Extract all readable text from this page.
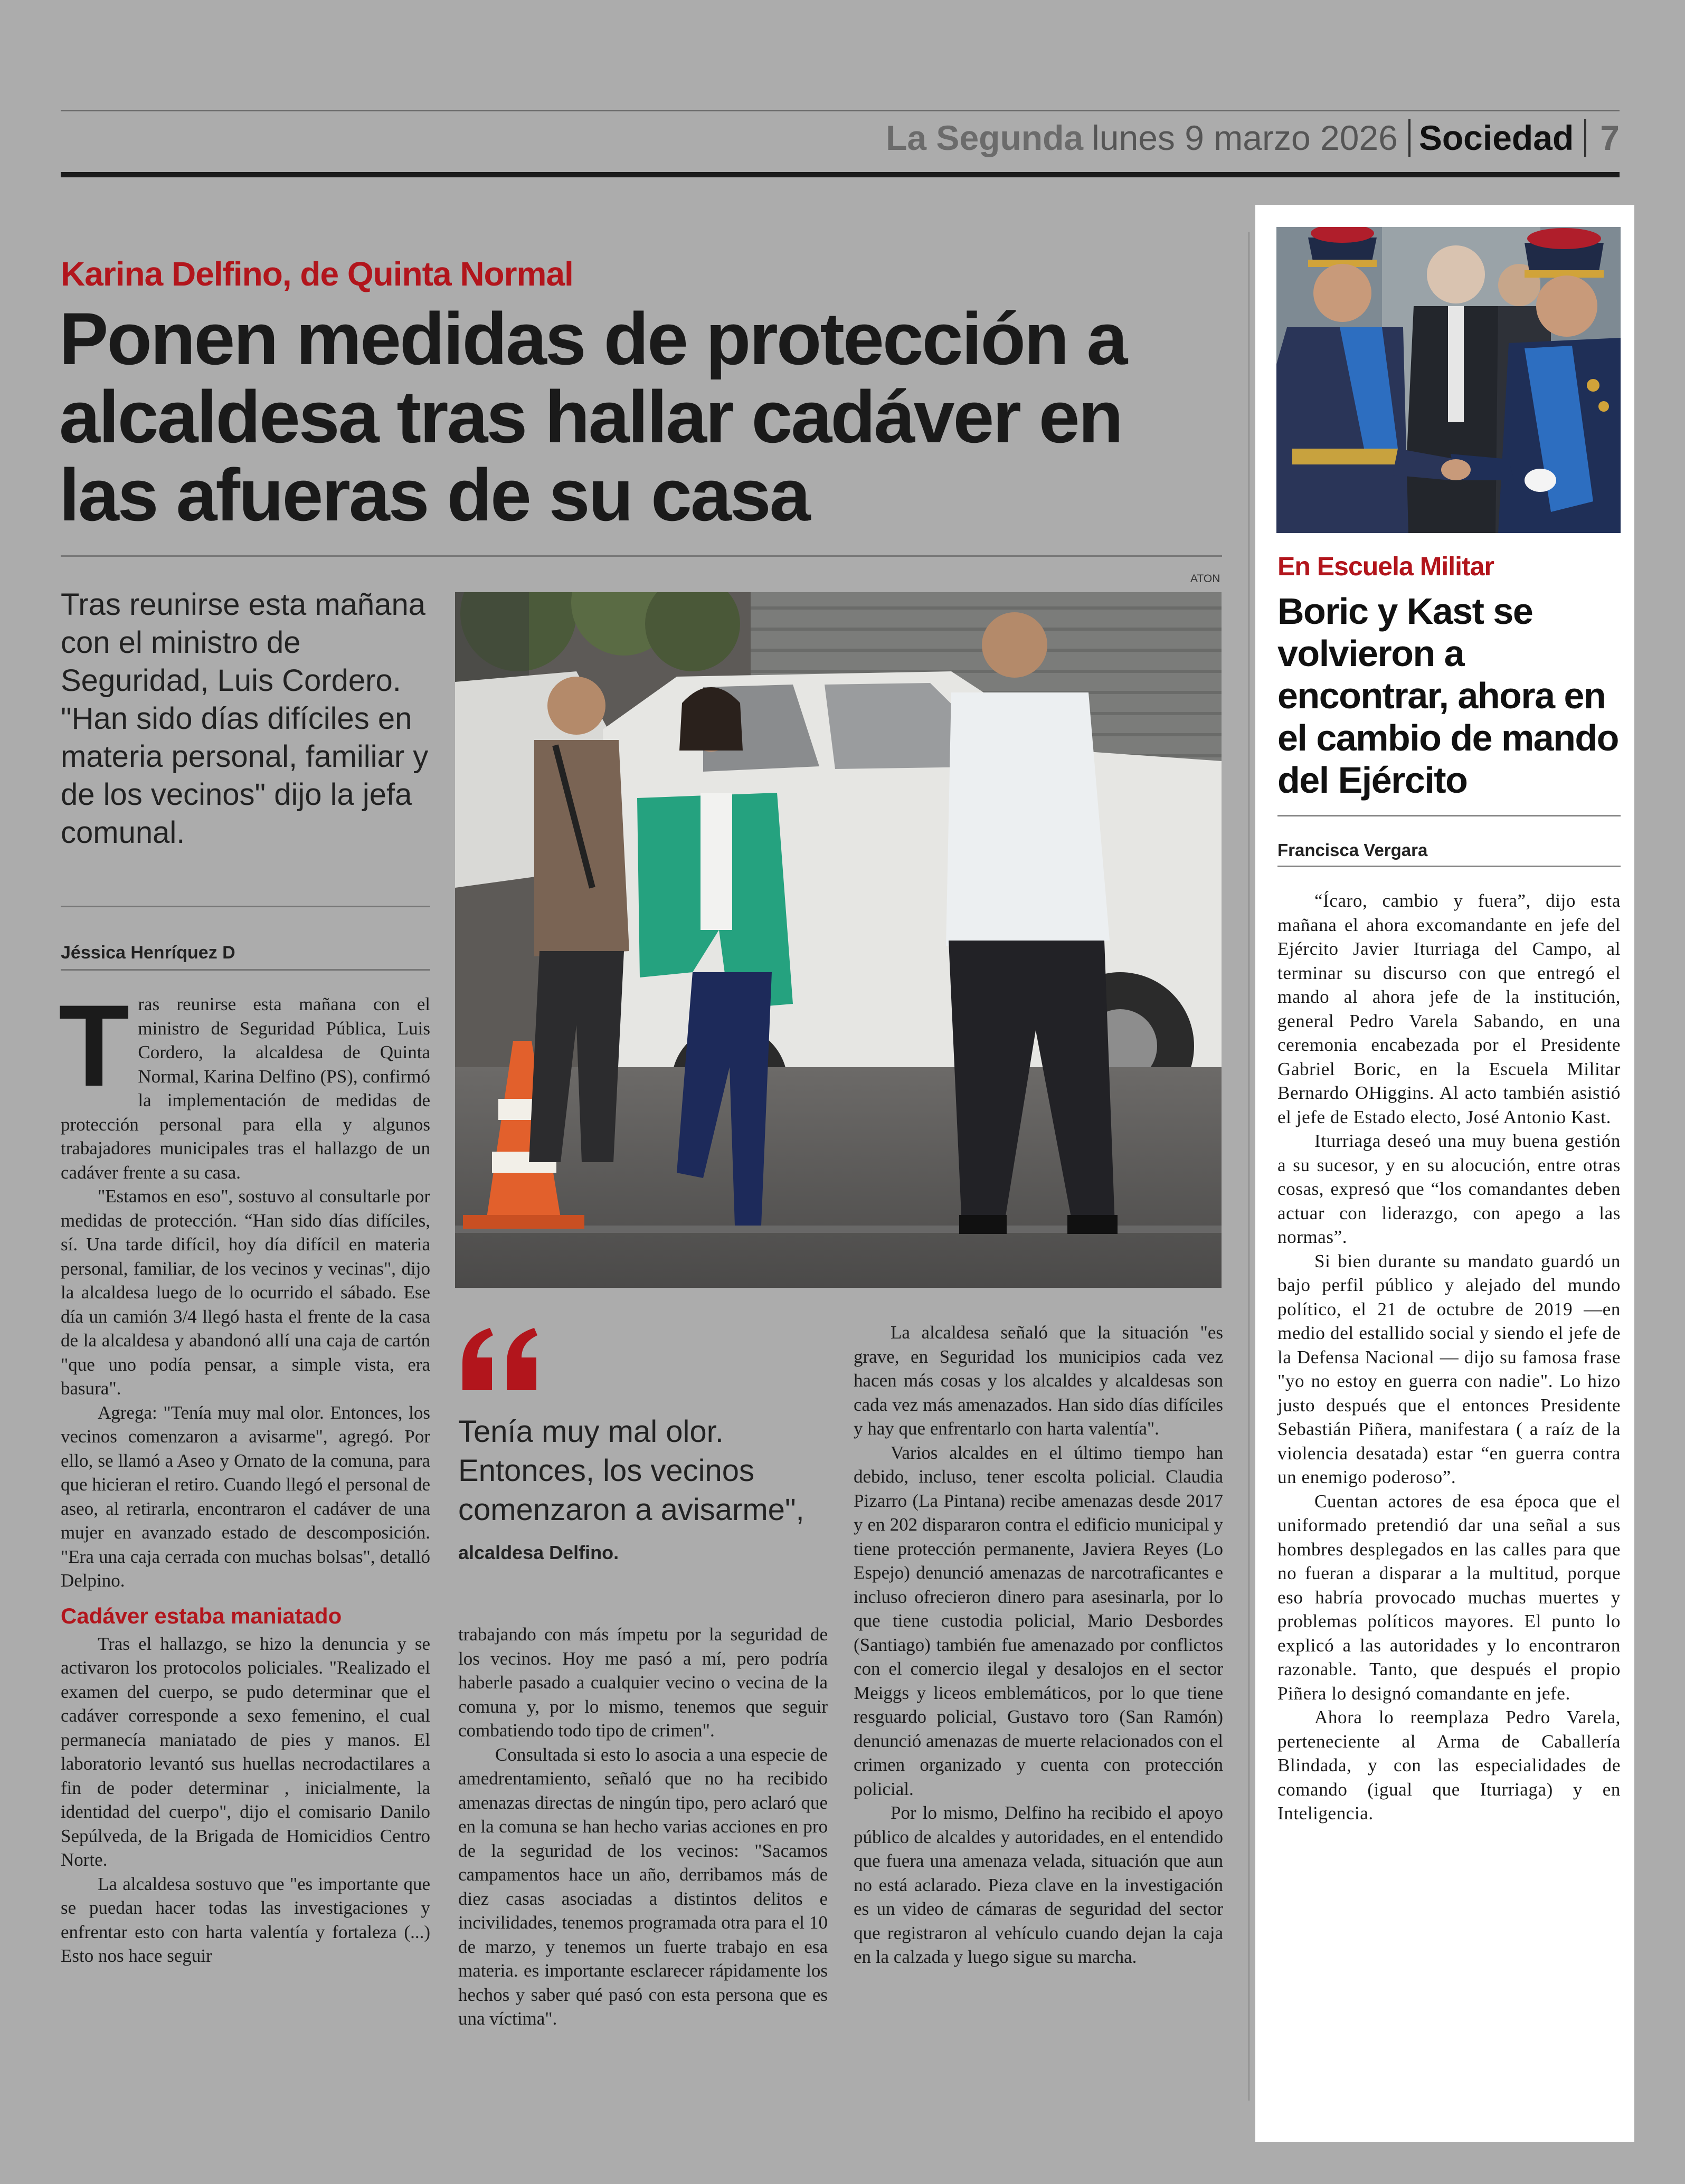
La Segunda lunes 9 marzo 2026 Sociedad 7
Karina Delfino, de Quinta Normal
Ponen medidas de protección a alcaldesa tras hallar cadáver en las afueras de su casa
Tras reunirse esta mañana con el ministro de Seguridad, Luis Cordero. "Han sido días difíciles en materia personal, familiar y de los vecinos" dijo la jefa comunal.
Jéssica Henríquez D
ATON
T ras reunirse esta mañana con el ministro de Seguridad Pública, Luis Cordero, la alcaldesa de Quinta Normal, Karina Delfino (PS), confirmó la implementación de medidas de protección personal para ella y algunos trabajadores municipales tras el hallazgo de un cadáver frente a su casa.

"Estamos en eso", sostuvo al consultarle por medidas de protección. “Han sido días difíciles, sí. Una tarde difícil, hoy día difícil en materia personal, familiar, de los vecinos y vecinas", dijo la alcaldesa luego de lo ocurrido el sábado. Ese día un camión 3/4 llegó hasta el frente de la casa de la alcaldesa y abandonó allí una caja de cartón "que uno podía pensar, a simple vista, era basura".

Agrega: "Tenía muy mal olor. Entonces, los vecinos comenzaron a avisarme", agregó. Por ello, se llamó a Aseo y Ornato de la comuna, para que hicieran el retiro. Cuando llegó el personal de aseo, al retirarla, encontraron el cadáver de una mujer en avanzado estado de descomposición. "Era una caja cerrada con muchas bolsas", detalló Delpino.

Cadáver estaba maniatado

Tras el hallazgo, se hizo la denuncia y se activaron los protocolos policiales. "Realizado el examen del cuerpo, se pudo determinar que el cadáver corresponde a sexo femenino, el cual permanecía maniatado de pies y manos. El laboratorio levantó sus huellas necrodactilares a fin de poder determinar , inicialmente, la identidad del cuerpo", dijo el comisario Danilo Sepúlveda, de la Brigada de Homicidios Centro Norte.

La alcaldesa sostuvo que "es importante que se puedan hacer todas las investigaciones y enfrentar esto con harta valentía y fortaleza (...) Esto nos hace seguir

Tenía muy mal olor. Entonces, los vecinos comenzaron a avisarme", alcaldesa Delfino.

trabajando con más ímpetu por la seguridad de los vecinos. Hoy me pasó a mí, pero podría haberle pasado a cualquier vecino o vecina de la comuna y, por lo mismo, tenemos que seguir combatiendo todo tipo de crimen".

Consultada si esto lo asocia a una especie de amedrentamiento, señaló que no ha recibido amenazas directas de ningún tipo, pero aclaró que en la comuna se han hecho varias acciones en pro de la seguridad de los vecinos: "Sacamos campamentos hace un año, derribamos más de diez casas asociadas a distintos delitos e incivilidades, tenemos programada otra para el 10 de marzo, y tenemos un fuerte trabajo en esa materia. es importante esclarecer rápidamente los hechos y saber qué pasó con esta persona que es una víctima".

La alcaldesa señaló que la situación "es grave, en Seguridad los municipios cada vez hacen más cosas y los alcaldes y alcaldesas son cada vez más amenazados. Han sido días difíciles y hay que enfrentarlo con harta valentía".

Varios alcaldes en el último tiempo han debido, incluso, tener escolta policial. Claudia Pizarro (La Pintana) recibe amenazas desde 2017 y en 202 dispararon contra el edificio municipal y tiene protección permanente, Javiera Reyes (Lo Espejo) denunció amenazas de narcotraficantes e incluso ofrecieron dinero para asesinarla, por lo que tiene custodia policial, Mario Desbordes (Santiago) también fue amenazado por conflictos con el comercio ilegal y desalojos en el sector Meiggs y liceos emblemáticos, por lo que tiene resguardo policial, Gustavo toro (San Ramón) denunció amenazas de muerte relacionados con el crimen organizado y cuenta con protección policial.

Por lo mismo, Delfino ha recibido el apoyo público de alcaldes y autoridades, en el entendido que fuera una amenaza velada, situación que aun no está aclarado. Pieza clave en la investigación es un video de cámaras de seguridad del sector que registraron al vehículo cuando dejan la caja en la calzada y luego sigue su marcha.

En Escuela Militar
Boric y Kast se volvieron a encontrar, ahora en el cambio de mando del Ejército
Francisca Vergara

“Ícaro, cambio y fuera”, dijo esta mañana el ahora excomandante en jefe del Ejército Javier Iturriaga del Campo, al terminar su discurso con que entregó el mando al ahora jefe de la institución, general Pedro Varela Sabando, en una ceremonia encabezada por el Presidente Gabriel Boric, en la Escuela Militar Bernardo OHiggins. Al acto también asistió el jefe de Estado electo, José Antonio Kast.

Iturriaga deseó una muy buena gestión a su sucesor, y en su alocución, entre otras cosas, expresó que “los comandantes deben actuar con liderazgo, con apego a las normas”.

Si bien durante su mandato guardó un bajo perfil público y alejado del mundo político, el 21 de octubre de 2019 —en medio del estallido social y siendo el jefe de la Defensa Nacional — dijo su famosa frase "yo no estoy en guerra con nadie". Lo hizo justo después que el entonces Presidente Sebastián Piñera, manifestara ( a raíz de la violencia desatada) estar “en guerra contra un enemigo poderoso”.

Cuentan actores de esa época que el uniformado pretendió dar una señal a sus hombres desplegados en las calles para que no fueran a disparar a la multitud, porque eso habría provocado muchas muertes y problemas políticos mayores. El punto lo explicó a las autoridades y lo encontraron razonable. Tanto, que después el propio Piñera lo designó comandante en jefe.

Ahora lo reemplaza Pedro Varela, perteneciente al Arma de Caballería Blindada, y con las especialidades de comando (igual que Iturriaga) y en Inteligencia.
